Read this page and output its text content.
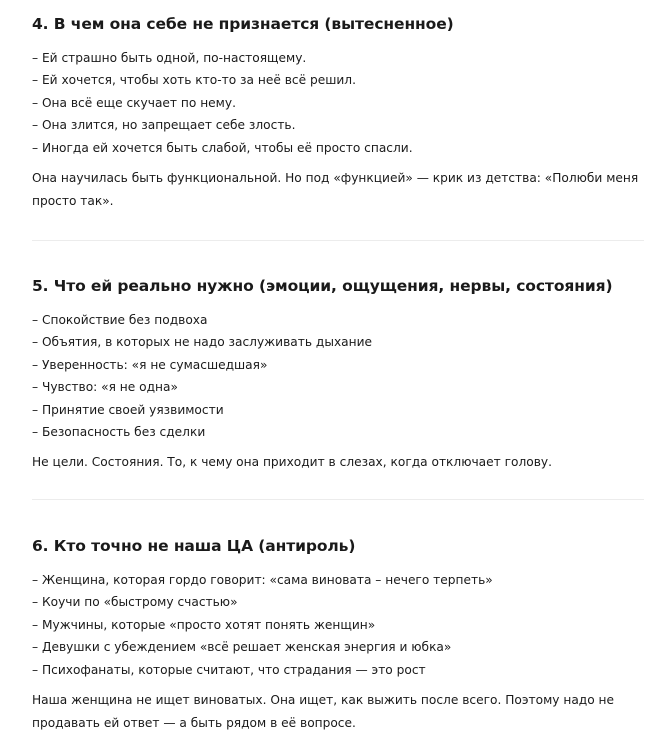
4. В чем она себе не признается (вытесненное)
– Ей страшно быть одной, по-настоящему.
– Ей хочется, чтобы хоть кто-то за неё всё решил.
– Она всё еще скучает по нему.
– Она злится, но запрещает себе злость.
– Иногда ей хочется быть слабой, чтобы её просто спасли.

Она научилась быть функциональной. Но под «функцией» — крик из детства: «Полюби меня просто так».

5. Что ей реально нужно (эмоции, ощущения, нервы, состояния)
– Спокойствие без подвоха
– Объятия, в которых не надо заслуживать дыхание
– Уверенность: «я не сумасшедшая»
– Чувство: «я не одна»
– Принятие своей уязвимости
– Безопасность без сделки

Не цели. Состояния. То, к чему она приходит в слезах, когда отключает голову.

6. Кто точно не наша ЦА (антироль)
– Женщина, которая гордо говорит: «сама виновата – нечего терпеть»
– Коучи по «быстрому счастью»
– Мужчины, которые «просто хотят понять женщин»
– Девушки с убеждением «всё решает женская энергия и юбка»
– Психофанаты, которые считают, что страдания — это рост

Наша женщина не ищет виноватых. Она ищет, как выжить после всего. Поэтому надо не продавать ей ответ — а быть рядом в её вопросе.
